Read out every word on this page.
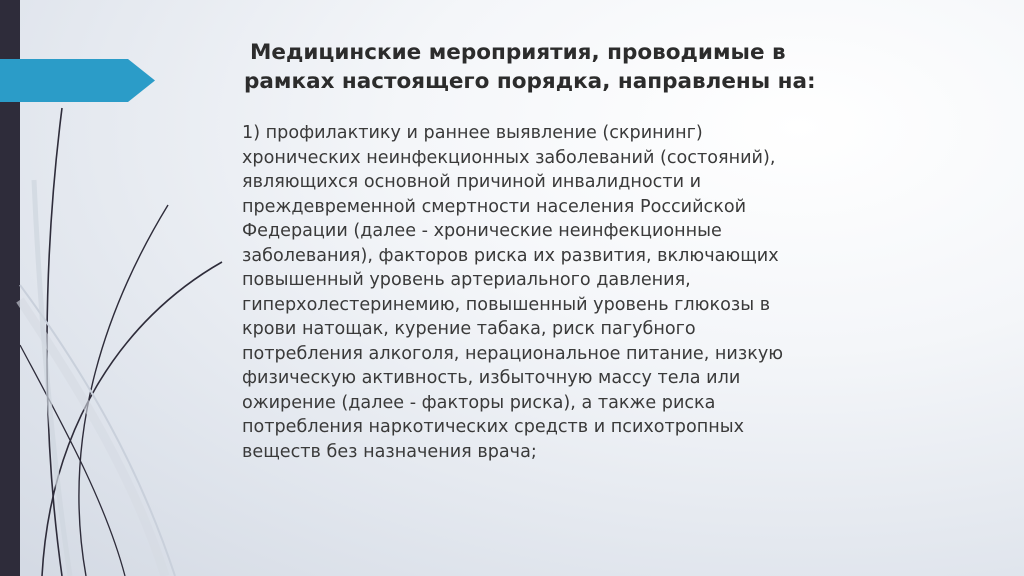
Медицинские мероприятия, проводимые в
рамках настоящего порядка, направлены на:

1) профилактику и раннее выявление (скрининг)
хронических неинфекционных заболеваний (состояний),
являющихся основной причиной инвалидности и
преждевременной смертности населения Российской
Федерации (далее - хронические неинфекционные
заболевания), факторов риска их развития, включающих
повышенный уровень артериального давления,
гиперхолестеринемию, повышенный уровень глюкозы в
крови натощак, курение табака, риск пагубного
потребления алкоголя, нерациональное питание, низкую
физическую активность, избыточную массу тела или
ожирение (далее - факторы риска), а также риска
потребления наркотических средств и психотропных
веществ без назначения врача;
